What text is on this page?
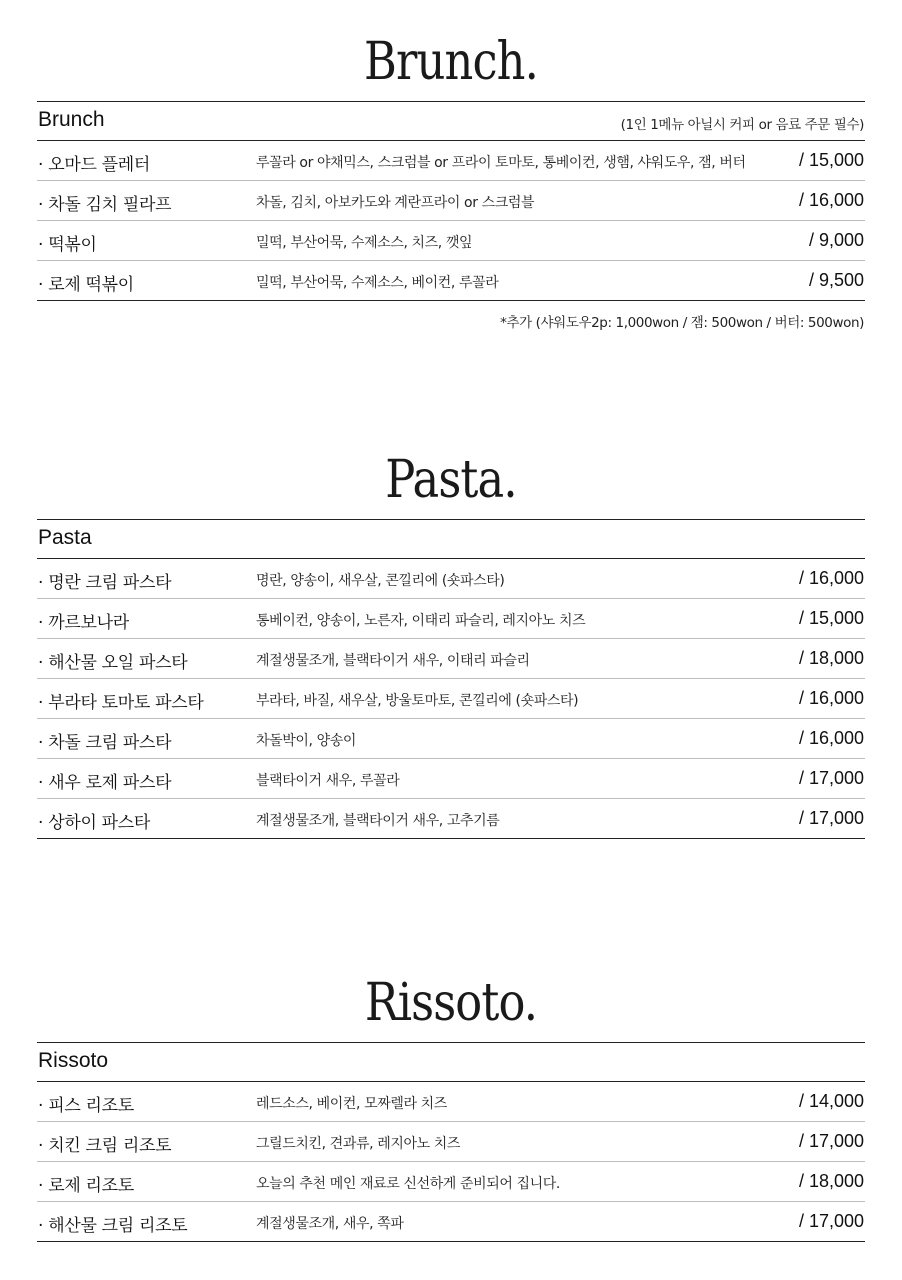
Brunch.
Brunch	(1인 1메뉴 아닐시 커피 or 음료 주문 필수)
· 오마드 플레터	루꼴라 or 야채믹스, 스크럼블 or 프라이 토마토, 통베이컨, 생햄, 샤워도우, 잼, 버터	/ 15,000
· 차돌 김치 필라프	차돌, 김치, 아보카도와 계란프라이 or 스크럼블	/ 16,000
· 떡볶이	밀떡, 부산어묵, 수제소스, 치즈, 깻잎	/ 9,000
· 로제 떡볶이	밀떡, 부산어묵, 수제소스, 베이컨, 루꼴라	/ 9,500
*추가 (샤워도우2p: 1,000won / 잼: 500won / 버터: 500won)
Pasta.
Pasta
· 명란 크림 파스타	명란, 양송이, 새우살, 콘낄리에 (숏파스타)	/ 16,000
· 까르보나라	통베이컨, 양송이, 노른자, 이태리 파슬리, 레지아노 치즈	/ 15,000
· 해산물 오일 파스타	계절생물조개, 블랙타이거 새우, 이태리 파슬리	/ 18,000
· 부라타 토마토 파스타	부라타, 바질, 새우살, 방울토마토, 콘낄리에 (숏파스타)	/ 16,000
· 차돌 크림 파스타	차돌박이, 양송이	/ 16,000
· 새우 로제 파스타	블랙타이거 새우, 루꼴라	/ 17,000
· 상하이 파스타	계절생물조개, 블랙타이거 새우, 고추기름	/ 17,000
Rissoto.
Rissoto
· 피스 리조토	레드소스, 베이컨, 모짜렐라 치즈	/ 14,000
· 치킨 크림 리조토	그릴드치킨, 견과류, 레지아노 치즈	/ 17,000
· 로제 리조토	오늘의 추천 메인 재료로 신선하게 준비되어 집니다.	/ 18,000
· 해산물 크림 리조토	계절생물조개, 새우, 쪽파	/ 17,000
